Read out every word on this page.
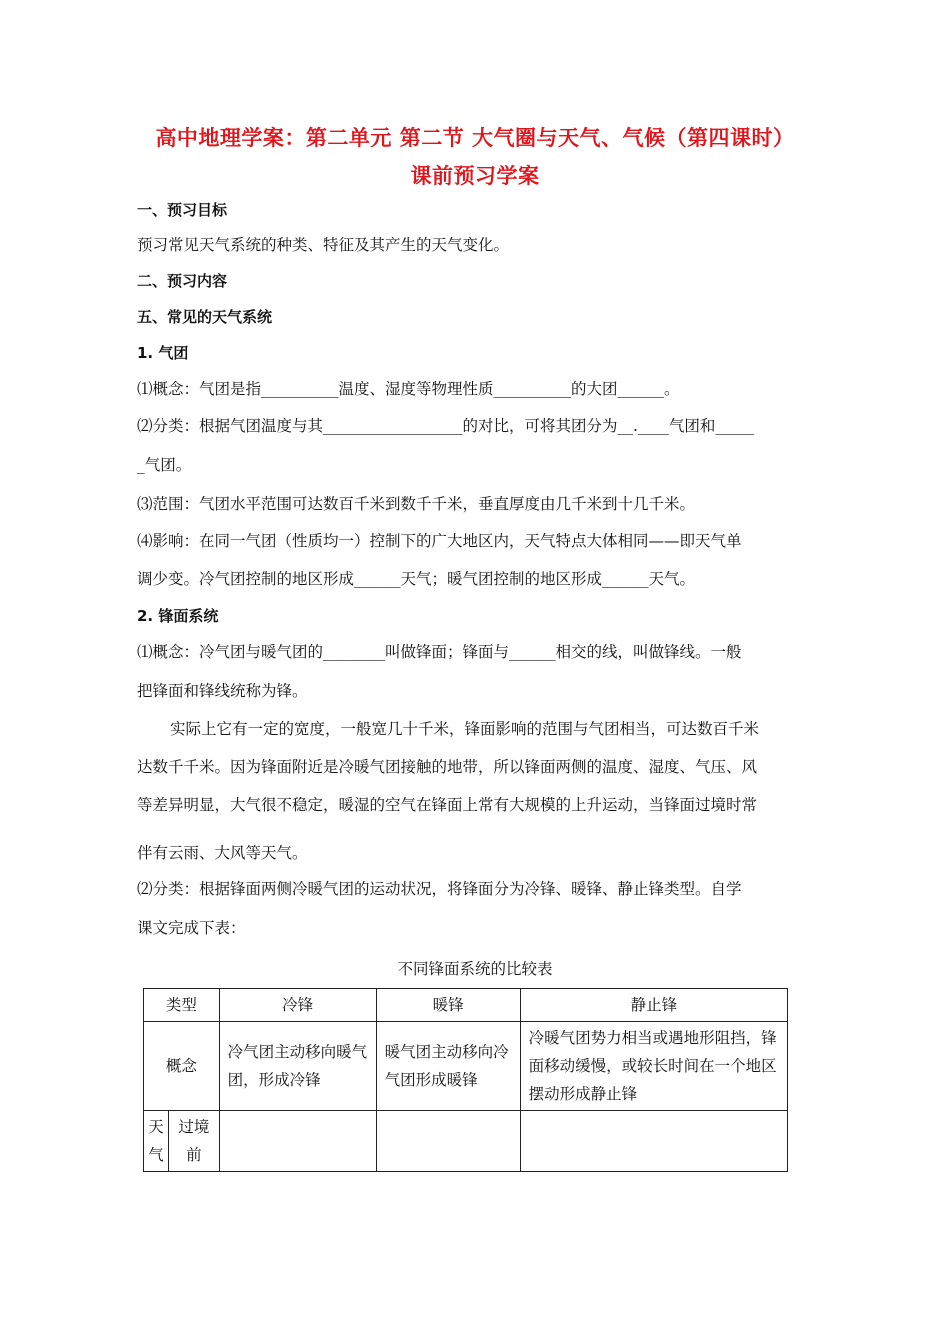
高中地理学案：第二单元 第二节 大气圈与天气、气候（第四课时）
课前预习学案
一、预习目标
预习常见天气系统的种类、特征及其产生的天气变化。
二、预习内容
五、常见的天气系统
1. 气团
⑴概念：气团是指__________温度、湿度等物理性质__________的大团______。
⑵分类：根据气团温度与其__________________的对比，可将其团分为__.____气团和_____
_气团。
⑶范围：气团水平范围可达数百千米到数千千米，垂直厚度由几千米到十几千米。
⑷影响：在同一气团（性质均一）控制下的广大地区内，天气特点大体相同——即天气单
调少变。冷气团控制的地区形成______天气；暖气团控制的地区形成______天气。
2. 锋面系统
⑴概念：冷气团与暖气团的________叫做锋面；锋面与______相交的线，叫做锋线。一般
把锋面和锋线统称为锋。
实际上它有一定的宽度，一般宽几十千米，锋面影响的范围与气团相当，可达数百千米
达数千千米。因为锋面附近是冷暖气团接触的地带，所以锋面两侧的温度、湿度、气压、风
等差异明显，大气很不稳定，暖湿的空气在锋面上常有大规模的上升运动，当锋面过境时常
伴有云雨、大风等天气。
⑵分类：根据锋面两侧冷暖气团的运动状况，将锋面分为冷锋、暖锋、静止锋类型。自学
课文完成下表：
不同锋面系统的比较表
类型		冷锋	暖锋	静止锋
概念		冷气团主动移向暖气团，形成冷锋	暖气团主动移向冷气团形成暖锋	冷暖气团势力相当或遇地形阻挡，锋面移动缓慢，或较长时间在一个地区摆动形成静止锋
天气	过境前			
